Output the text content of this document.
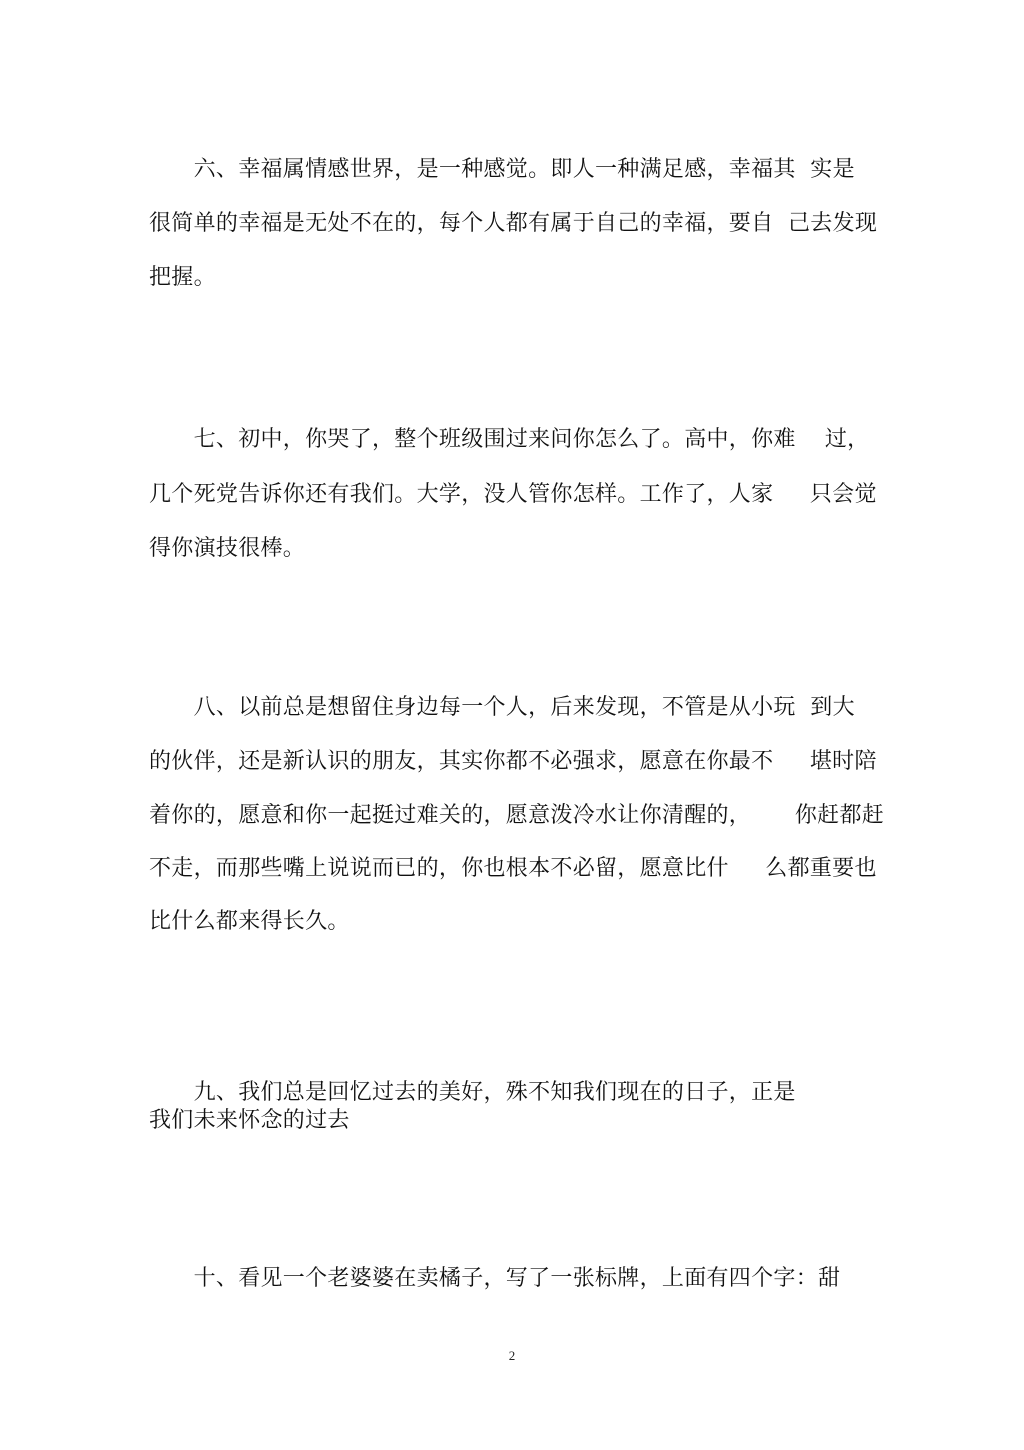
　　六、幸福属情感世界，是一种感觉。即人一种满足感，幸福其  实是
很简单的幸福是无处不在的，每个人都有属于自己的幸福，要自  己去发现
把握。
　　七、初中，你哭了，整个班级围过来问你怎么了。高中，你难    过，
几个死党告诉你还有我们。大学，没人管你怎样。工作了，人家     只会觉
得你演技很棒。
　　八、以前总是想留住身边每一个人，后来发现，不管是从小玩  到大
的伙伴，还是新认识的朋友，其实你都不必强求，愿意在你最不     堪时陪
着你的，愿意和你一起挺过难关的，愿意泼冷水让你清醒的，      你赶都赶
不走，而那些嘴上说说而已的，你也根本不必留，愿意比什     么都重要也
比什么都来得长久。
　　九、我们总是回忆过去的美好，殊不知我们现在的日子，正是
我们未来怀念的过去
　　十、看见一个老婆婆在卖橘子，写了一张标牌，上面有四个字：甜
2
